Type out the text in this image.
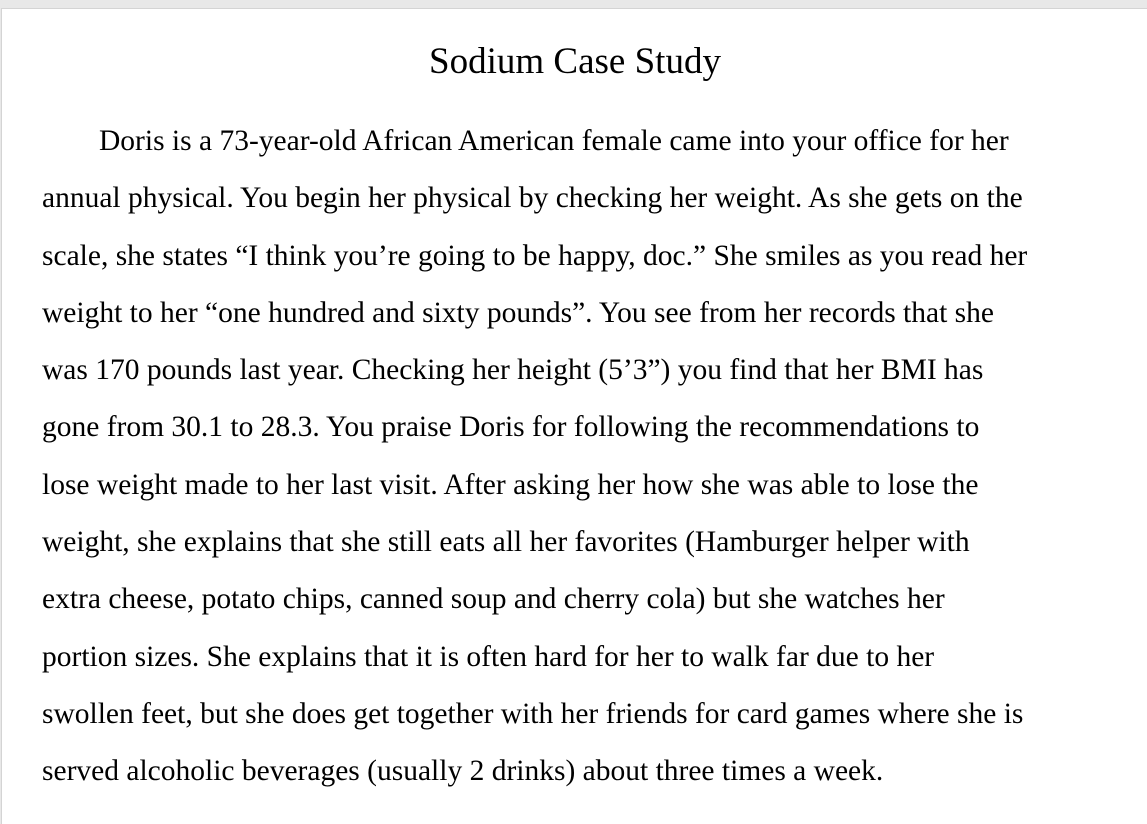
Sodium Case Study
Doris is a 73-year-old African American female came into your office for her
annual physical. You begin her physical by checking her weight. As she gets on the
scale, she states “I think you’re going to be happy, doc.” She smiles as you read her
weight to her “one hundred and sixty pounds”. You see from her records that she
was 170 pounds last year. Checking her height (5’3”) you find that her BMI has
gone from 30.1 to 28.3. You praise Doris for following the recommendations to
lose weight made to her last visit. After asking her how she was able to lose the
weight, she explains that she still eats all her favorites (Hamburger helper with
extra cheese, potato chips, canned soup and cherry cola) but she watches her
portion sizes. She explains that it is often hard for her to walk far due to her
swollen feet, but she does get together with her friends for card games where she is
served alcoholic beverages (usually 2 drinks) about three times a week.
